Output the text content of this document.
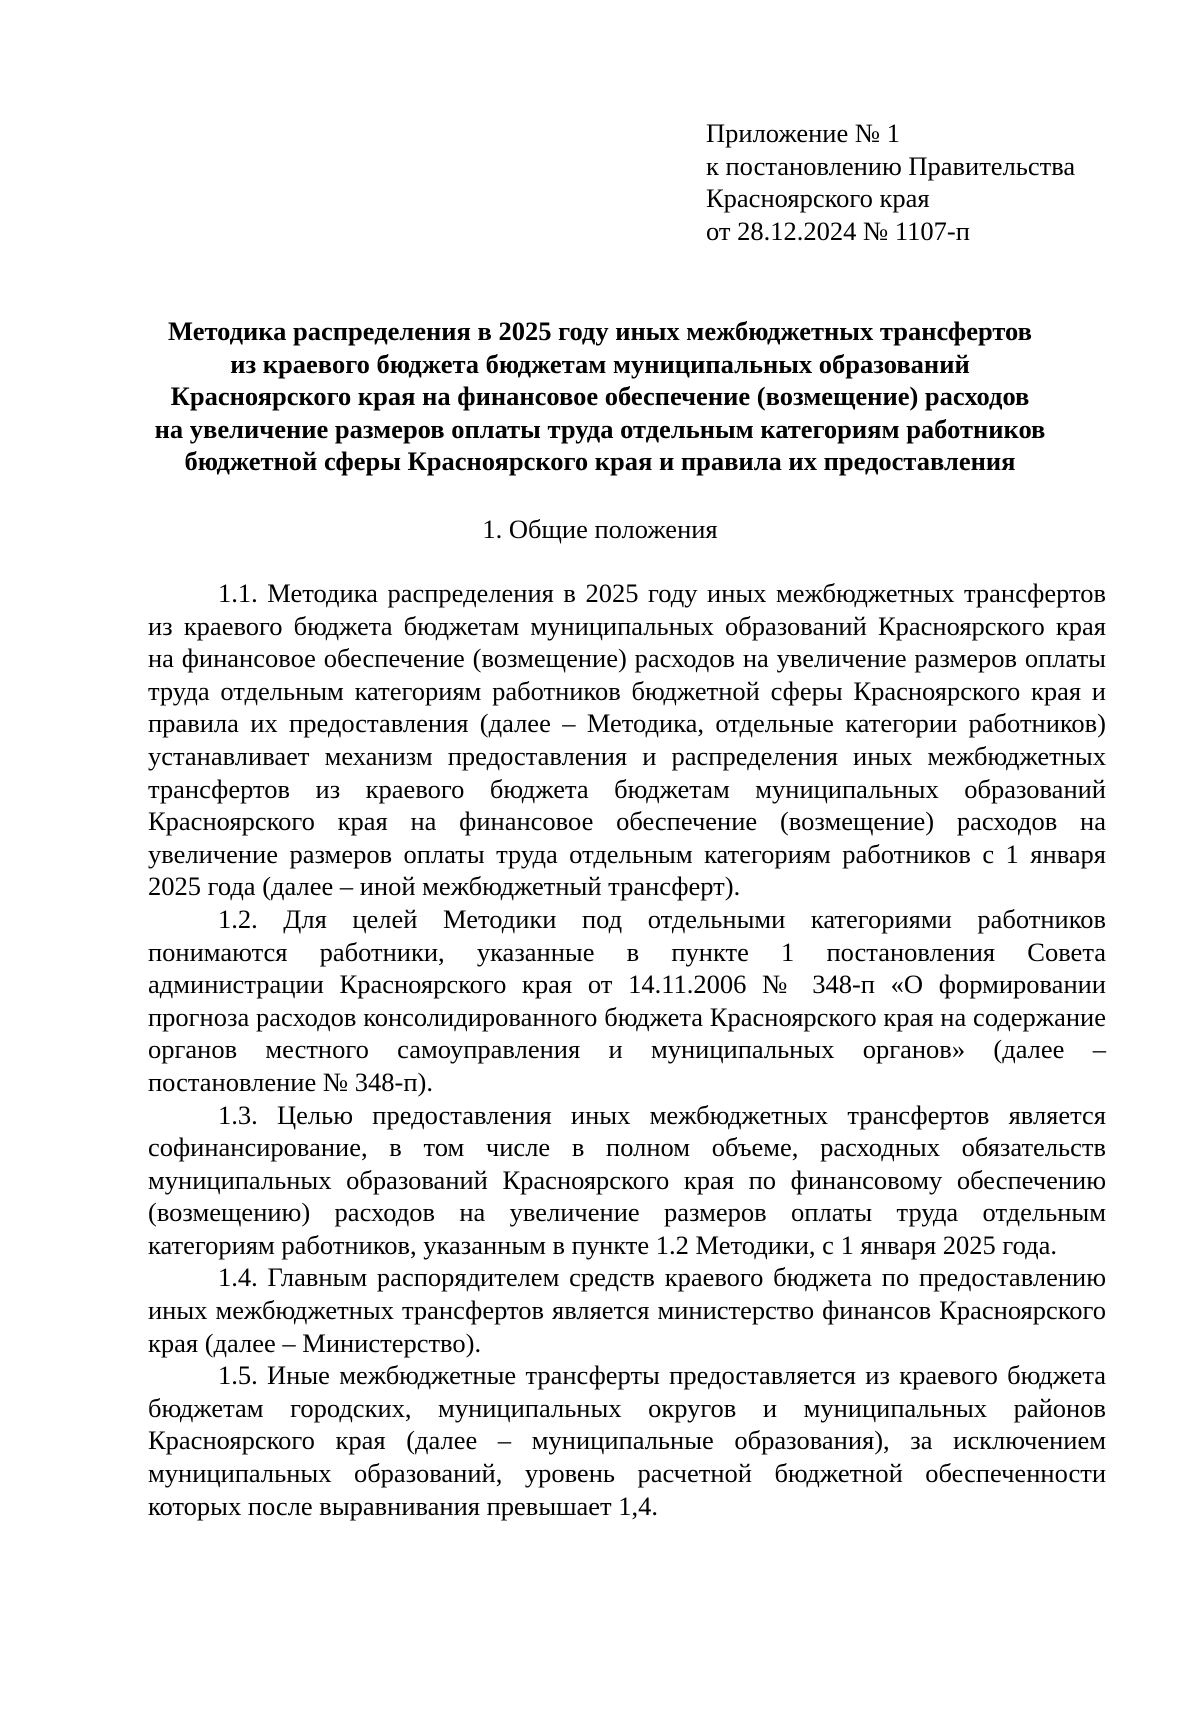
Приложение № 1
к постановлению Правительства
Красноярского края
от 28.12.2024 № 1107-п
Методика распределения в 2025 году иных межбюджетных трансфертов
из краевого бюджета бюджетам муниципальных образований
Красноярского края на финансовое обеспечение (возмещение) расходов
на увеличение размеров оплаты труда отдельным категориям работников
бюджетной сферы Красноярского края и правила их предоставления
1. Общие положения

1.1. Методика распределения в 2025 году иных межбюджетных трансфертов из краевого бюджета бюджетам муниципальных образований Красноярского края на финансовое обеспечение (возмещение) расходов на увеличение размеров оплаты труда отдельным категориям работников бюджетной сферы Красноярского края и правила их предоставления (далее – Методика, отдельные категории работников) устанавливает механизм предоставления и распределения иных межбюджетных трансфертов из краевого бюджета бюджетам муниципальных образований Красноярского края на финансовое обеспечение (возмещение) расходов на увеличение размеров оплаты труда отдельным категориям работников с 1 января 2025 года (далее – иной межбюджетный трансферт).

1.2. Для целей Методики под отдельными категориями работников понимаются работники, указанные в пункте 1 постановления Совета администрации Красноярского края от 14.11.2006 № 348-п «О формировании прогноза расходов консолидированного бюджета Красноярского края на содержание органов местного самоуправления и муниципальных органов» (далее – постановление № 348-п).

1.3. Целью предоставления иных межбюджетных трансфертов является софинансирование, в том числе в полном объеме, расходных обязательств муниципальных образований Красноярского края по финансовому обеспечению (возмещению) расходов на увеличение размеров оплаты труда отдельным категориям работников, указанным в пункте 1.2 Методики, с 1 января 2025 года.

1.4. Главным распорядителем средств краевого бюджета по предоставлению иных межбюджетных трансфертов является министерство финансов Красноярского края (далее – Министерство).

1.5. Иные межбюджетные трансферты предоставляется из краевого бюджета бюджетам городских, муниципальных округов и муниципальных районов Красноярского края (далее – муниципальные образования), за исключением муниципальных образований, уровень расчетной бюджетной обеспеченности которых после выравнивания превышает 1,4.
